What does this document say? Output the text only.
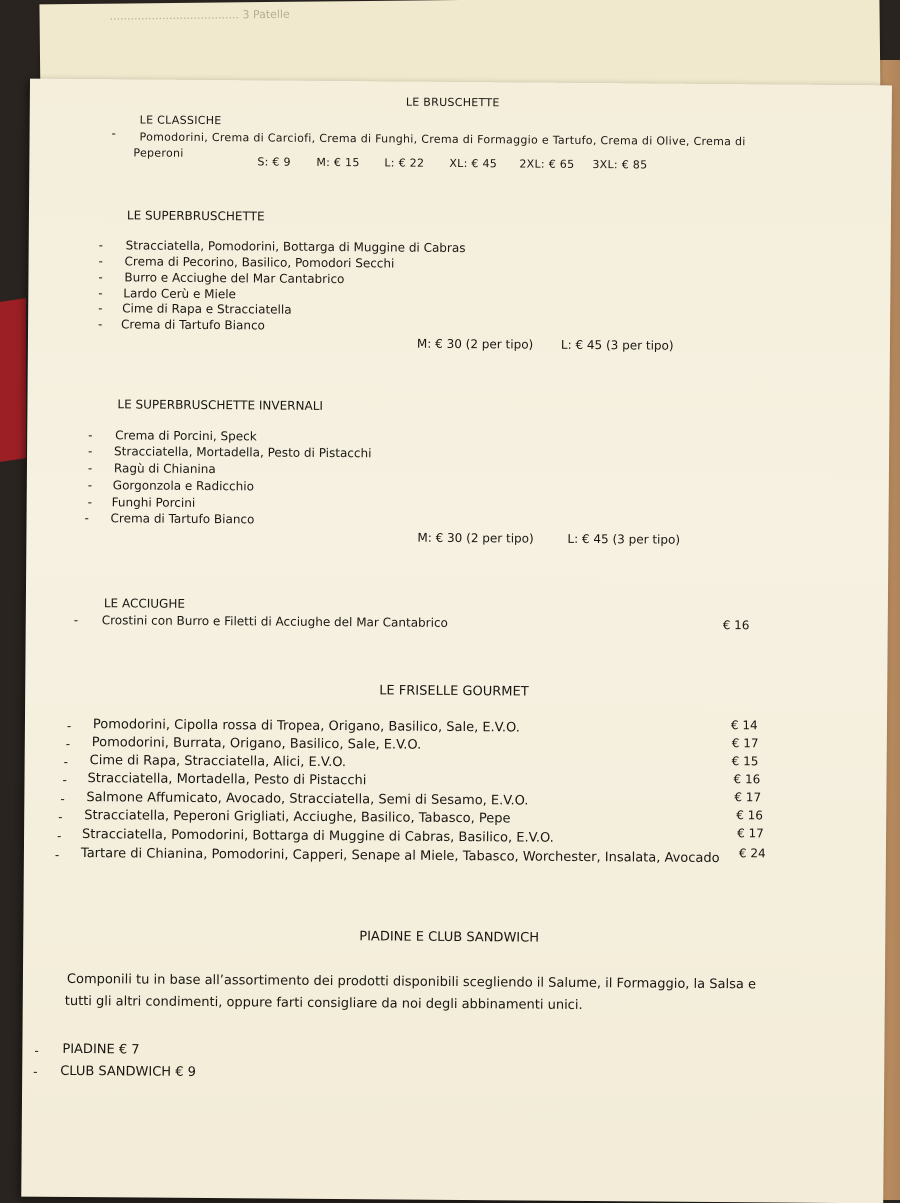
..................................... 3 Patelle
LE BRUSCHETTE
LE CLASSICHE
- Pomodorini, Crema di Carciofi, Crema di Funghi, Crema di Formaggio e Tartufo, Crema di Olive, Crema di
Peperoni
S: € 9 M: € 15 L: € 22 XL: € 45 2XL: € 65 3XL: € 85
LE SUPERBRUSCHETTE
- Stracciatella, Pomodorini, Bottarga di Muggine di Cabras
- Crema di Pecorino, Basilico, Pomodori Secchi
- Burro e Acciughe del Mar Cantabrico
- Lardo Cerù e Miele
- Cime di Rapa e Stracciatella
- Crema di Tartufo Bianco
M: € 30 (2 per tipo) L: € 45 (3 per tipo)
LE SUPERBRUSCHETTE INVERNALI
- Crema di Porcini, Speck
- Stracciatella, Mortadella, Pesto di Pistacchi
- Ragù di Chianina
- Gorgonzola e Radicchio
- Funghi Porcini
- Crema di Tartufo Bianco
M: € 30 (2 per tipo)	L: € 45 (3 per tipo)
LE ACCIUGHE
- Crostini con Burro e Filetti di Acciughe del Mar Cantabrico	€ 16
LE FRISELLE GOURMET
- Pomodorini, Cipolla rossa di Tropea, Origano, Basilico, Sale, E.V.O.	€ 14
- Pomodorini, Burrata, Origano, Basilico, Sale, E.V.O.	€ 17
- Cime di Rapa, Stracciatella, Alici, E.V.O.	€ 15
- Stracciatella, Mortadella, Pesto di Pistacchi	€ 16
- Salmone Affumicato, Avocado, Stracciatella, Semi di Sesamo, E.V.O.	€ 17
- Stracciatella, Peperoni Grigliati, Acciughe, Basilico, Tabasco, Pepe	€ 16
- Stracciatella, Pomodorini, Bottarga di Muggine di Cabras, Basilico, E.V.O.	€ 17
- Tartare di Chianina, Pomodorini, Capperi, Senape al Miele, Tabasco, Worchester, Insalata, Avocado € 24
PIADINE E CLUB SANDWICH
Componili tu in base all’assortimento dei prodotti disponibili scegliendo il Salume, il Formaggio, la Salsa e
tutti gli altri condimenti, oppure farti consigliare da noi degli abbinamenti unici.
- PIADINE € 7
- CLUB SANDWICH € 9
